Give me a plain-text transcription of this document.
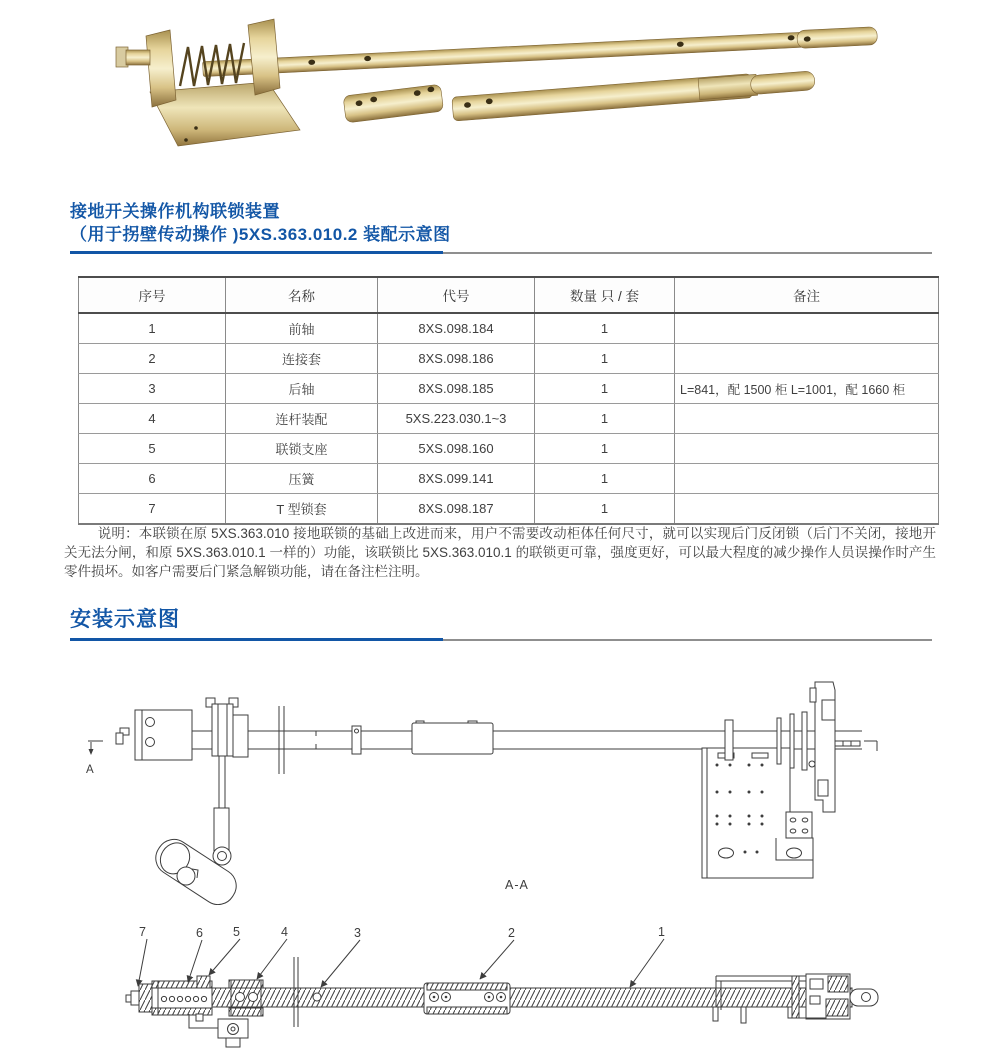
接地开关操作机构联锁装置
（用于拐壁传动操作 )5XS.363.010.2 装配示意图
序号	名称	代号	数量 只 / 套	备注
1	前轴	8XS.098.184	1	
2	连接套	8XS.098.186	1	
3	后轴	8XS.098.185	1	L=841，配 1500 柜 L=1001，配 1660 柜
4	连杆装配	5XS.223.030.1~3	1	
5	联锁支座	5XS.098.160	1	
6	压簧	8XS.099.141	1	
7	T 型锁套	8XS.098.187	1	

说明：本联锁在原 5XS.363.010 接地联锁的基础上改进而来，用户不需要改动柜体任何尺寸，就可以实现后门反闭锁（后门不关闭，接地开关无法分闸，和原 5XS.363.010.1 一样的）功能，该联锁比 5XS.363.010.1 的联锁更可靠，强度更好，可以最大程度的减少操作人员误操作时产生零件损坏。如客户需要后门紧急解锁功能，请在备注栏注明。

安装示意图
A
A-A
7	6 5	4	3	2	1
